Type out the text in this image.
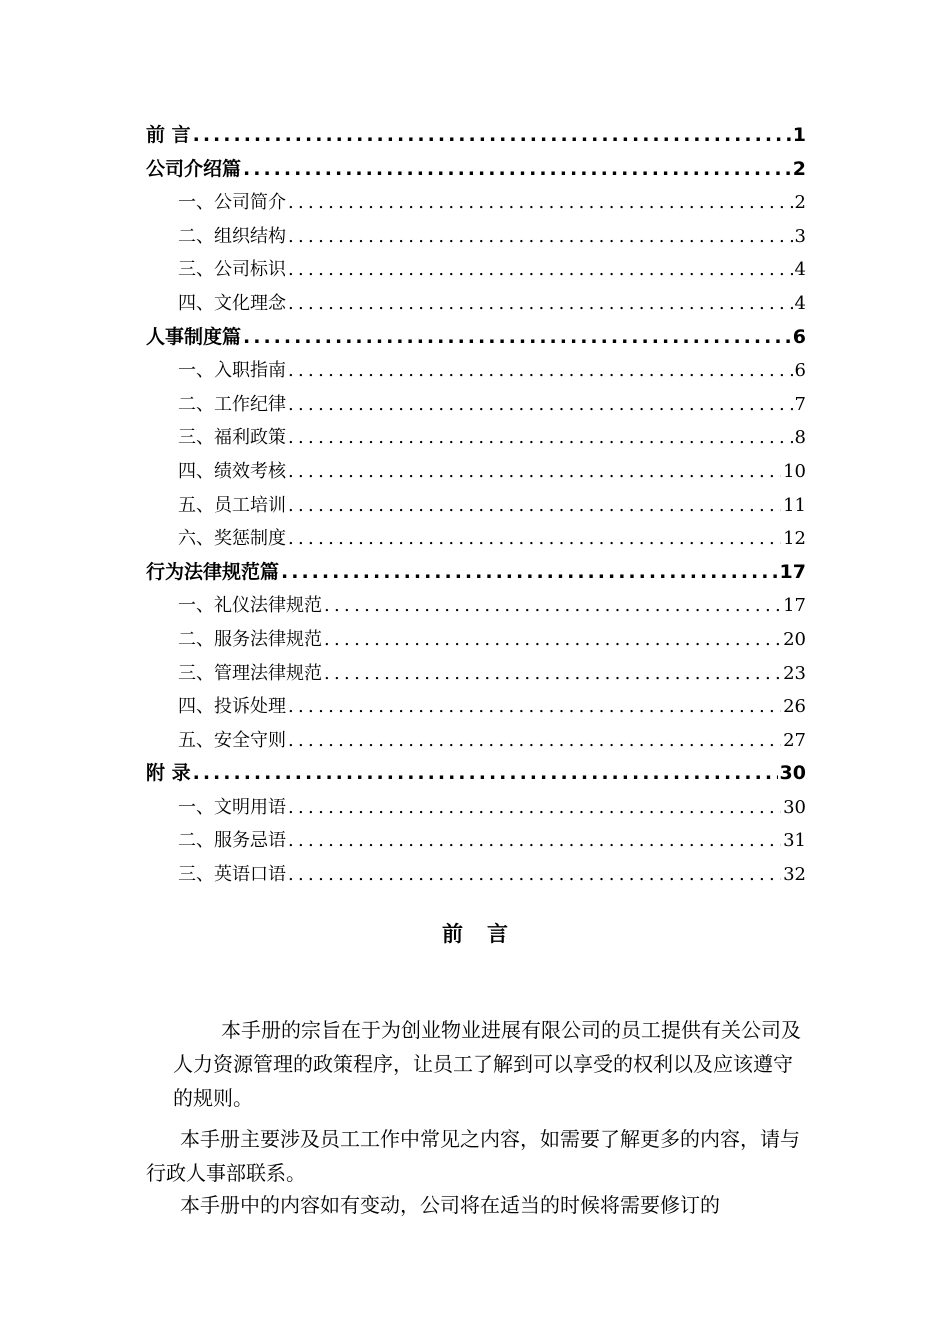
前 言 .....	1
公司介绍篇 .....	2
一、公司简介 .....	2
二、组织结构 .....	3
三、公司标识 .....	4
四、文化理念 .....	4
人事制度篇 .....	6
一、入职指南 .....	6
二、工作纪律 .....	7
三、福利政策 .....	8
四、绩效考核 .....	10
五、员工培训 .....	11
六、奖惩制度 .....	12
行为法律规范篇 .....	17
一、礼仪法律规范 .....	17
二、服务法律规范 .....	20
三、管理法律规范 .....	23
四、投诉处理 .....	26
五、安全守则 .....	27
附 录 .....	30
一、文明用语 .....	30
二、服务忌语 .....	31
三、英语口语 .....	32
前言
本手册的宗旨在于为创业物业进展有限公司的员工提供有关公司及人力资源管理的政策程序，让员工了解到可以享受的权利以及应该遵守的规则。
本手册主要涉及员工工作中常见之内容，如需要了解更多的内容，请与行政人事部联系。
本手册中的内容如有变动，公司将在适当的时候将需要修订的
